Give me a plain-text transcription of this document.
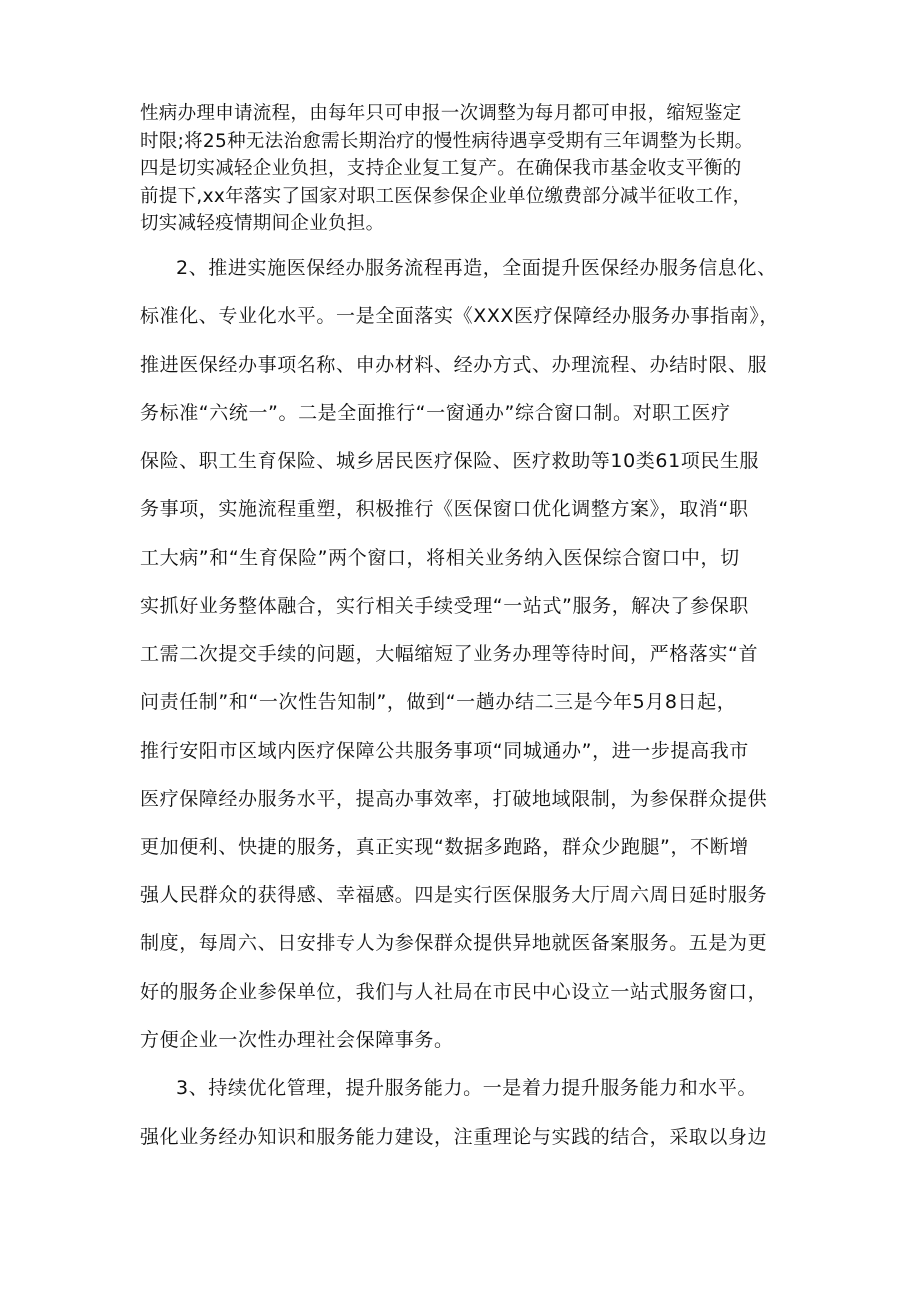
性病办理申请流程，由每年只可申报一次调整为每月都可申报，缩短鉴定
时限;将25种无法治愈需长期治疗的慢性病待遇享受期有三年调整为长期。
四是切实减轻企业负担，支持企业复工复产。在确保我市基金收支平衡的
前提下,xx年落实了国家对职工医保参保企业单位缴费部分减半征收工作，
切实减轻疫情期间企业负担。
2、推进实施医保经办服务流程再造，全面提升医保经办服务信息化、
标准化、专业化水平。一是全面落实《XXX医疗保障经办服务办事指南》，
推进医保经办事项名称、申办材料、经办方式、办理流程、办结时限、服
务标准“六统一”。二是全面推行“一窗通办”综合窗口制。对职工医疗
保险、职工生育保险、城乡居民医疗保险、医疗救助等10类61项民生服
务事项，实施流程重塑，积极推行《医保窗口优化调整方案》，取消“职
工大病”和“生育保险”两个窗口，将相关业务纳入医保综合窗口中，切
实抓好业务整体融合，实行相关手续受理“一站式”服务，解决了参保职
工需二次提交手续的问题，大幅缩短了业务办理等待时间，严格落实“首
问责任制”和“一次性告知制”，做到“一趟办结二三是今年5月8日起，
推行安阳市区域内医疗保障公共服务事项“同城通办”，进一步提高我市
医疗保障经办服务水平，提高办事效率，打破地域限制，为参保群众提供
更加便利、快捷的服务，真正实现“数据多跑路，群众少跑腿”，不断增
强人民群众的获得感、幸福感。四是实行医保服务大厅周六周日延时服务
制度，每周六、日安排专人为参保群众提供异地就医备案服务。五是为更
好的服务企业参保单位，我们与人社局在市民中心设立一站式服务窗口，
方便企业一次性办理社会保障事务。
3、持续优化管理，提升服务能力。一是着力提升服务能力和水平。
强化业务经办知识和服务能力建设，注重理论与实践的结合，采取以身边
